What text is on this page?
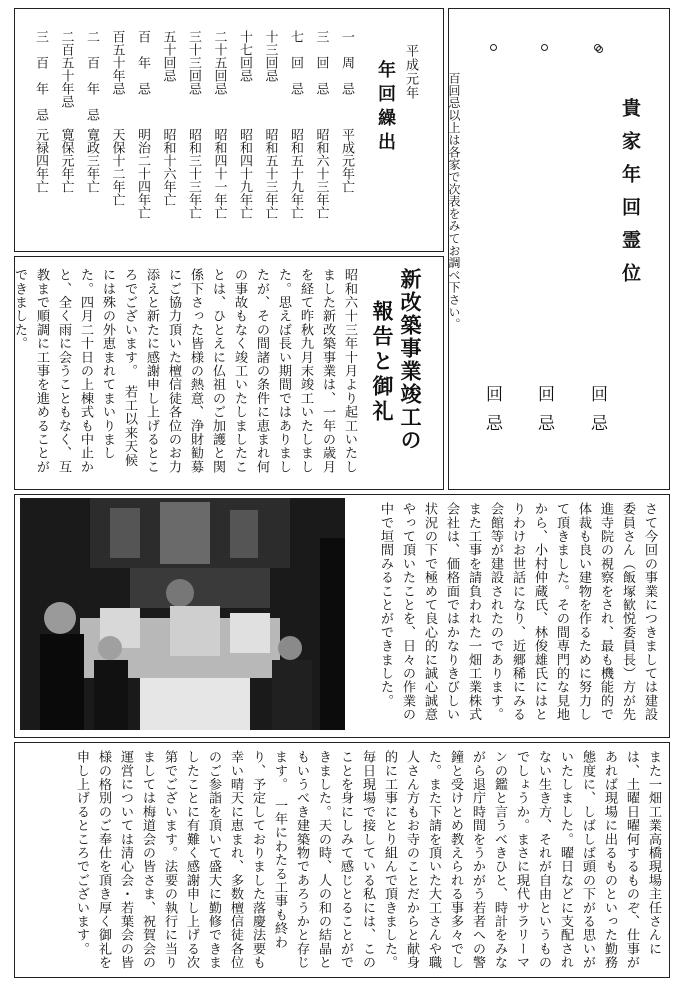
貴家年回霊位
百回忌以上は各家で次表をみてお調べ下さい。
回忌
回忌
回忌
平成元年
年回繰出
一　周　忌
平成元年亡
三　回　忌
昭和六十三年亡
七　回　忌
昭和五十九年亡
十三回忌
昭和五十三年亡
十七回忌
昭和四十九年亡
二十五回忌
昭和四十一年亡
三十三回忌
昭和三十三年亡
五十回忌
昭和十六年亡
百　年　忌
明治二十四年亡
百五十年忌
天保十二年亡
二　百　年　忌
寛政三年亡
二百五十年忌
寛保元年亡
三　百　年　忌
元禄四年亡
新改築事業竣工の
報告と御礼
昭和六十三年十月より起工いたしました新改築事業は、一年の歳月を経て昨秋九月末竣工いたしました。思えば長い期間ではありましたが、その間諸の条件に恵まれ何の事故もなく竣工いたしましたことは、ひとえに仏祖のご加護と関係下さった皆様の熱意、浄財勧募にご協力頂いた檀信徒各位のお力添えと新たに感謝申し上げるところでございます。　若工以来天候には殊の外恵まれてまいりました。四月二十日の上棟式も中止かと、全く雨に会うこともなく、互教まで順調に工事を進めることができました。
さて今回の事業につきましては建設委員さん（飯塚歓悦委員長）方が先進寺院の視察をされ、最も機能的で体裁も良い建物を作るために努力して頂きました。その間専門的な見地から、小村仲蔵氏、林俊雄氏にはとりわけお世話になり、近郷稀にみる会館等が建設されたのであります。また工事を請負われた一畑工業株式会社は、価格面ではかなりきびしい状況の下で極めて良心的に誠心誠意やって頂いたことを、日々の作業の中で垣間みることができました。
また一畑工業高橋現場主任さんには、土曜日曜何するものぞ、仕事があれば現場に出るものといった勤務態度に、しばしば頭の下がる思いがいたしました。曜日などに支配されない生き方、それが自由というものでしょうか。まさに現代サラリーマンの鑑と言うべきひと、時計をみながら退庁時間をうかがう若者への警鐘と受けとめ教えられる事多々でした。また下請を頂いた大工さんや職人さん方もお寺のことだからと献身的に工事にとり組んで頂きました。毎日現場で接している私には、このことを身にしみて感じとることができました。天の時、人の和の結晶ともいうべき建築物であろうかと存じます。　一年にわたる工事も終わり、予定しておりました落慶法要も幸い晴天に恵まれ、多数檀信徒各位のご参詣を頂いて盛大に勤修できましたことに有難く感謝申し上げる次第でございます。法要の執行に当りましては梅道会の皆さま、祝賀会の運営については清心会・若葉会の皆様の格別のご奉仕を頂き厚く御礼を申し上げるところでございます。
